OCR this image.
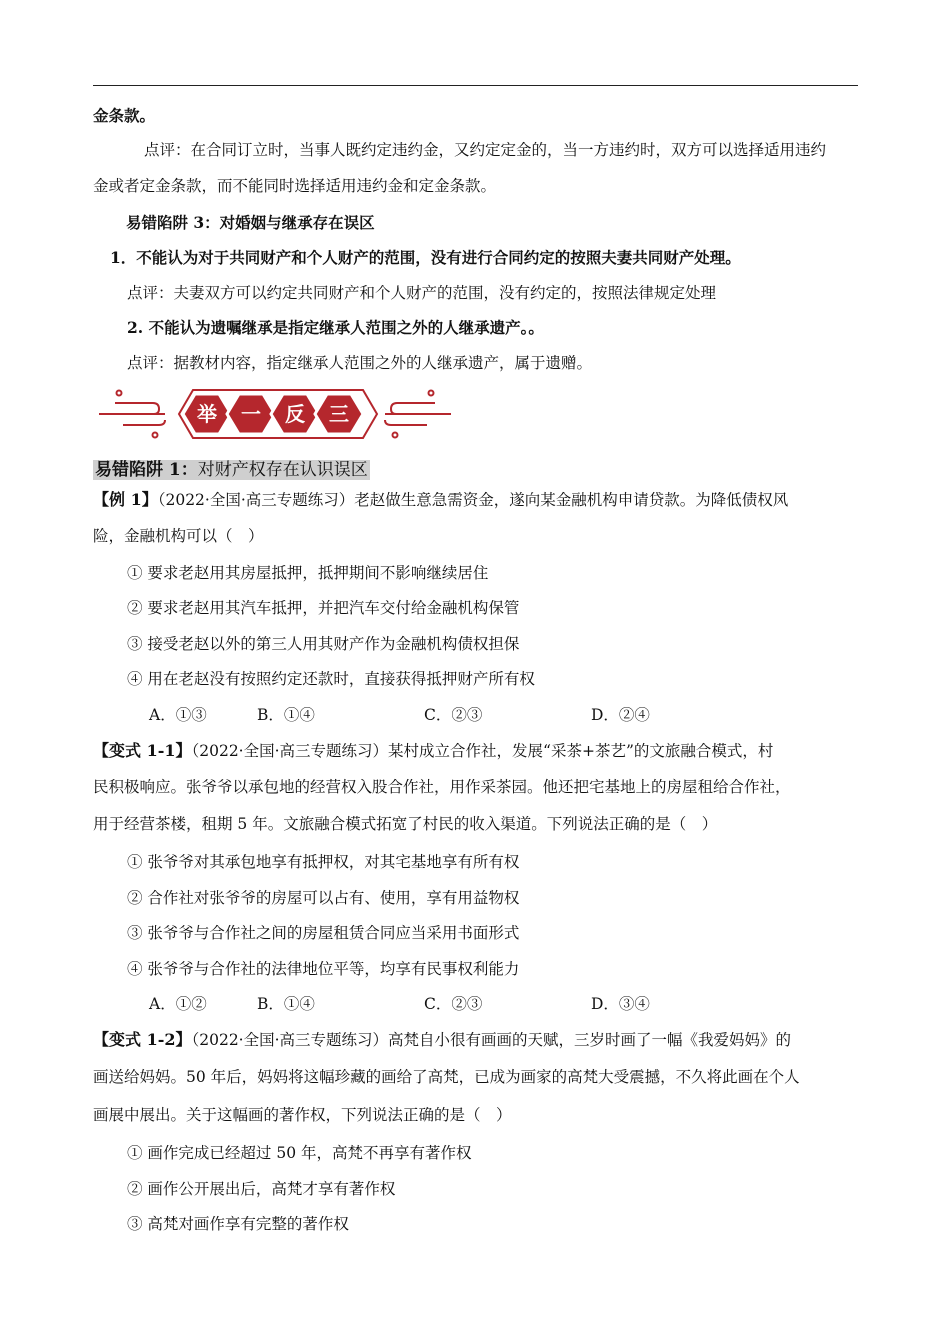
金条款。
点评：在合同订立时，当事人既约定违约金，又约定定金的，当一方违约时，双方可以选择适用违约
金或者定金条款，而不能同时选择适用违约金和定金条款。
易错陷阱 3：对婚姻与继承存在误区
1．不能认为对于共同财产和个人财产的范围，没有进行合同约定的按照夫妻共同财产处理。
点评：夫妻双方可以约定共同财产和个人财产的范围，没有约定的，按照法律规定处理
2. 不能认为遗嘱继承是指定继承人范围之外的人继承遗产。。
点评：据教材内容，指定继承人范围之外的人继承遗产，属于遗赠。
举 一 反 三
易错陷阱 1：对财产权存在认识误区
【例 1】（2022·全国·高三专题练习）老赵做生意急需资金，遂向某金融机构申请贷款。为降低债权风
险，金融机构可以（　）
① 要求老赵用其房屋抵押，抵押期间不影响继续居住
② 要求老赵用其汽车抵押，并把汽车交付给金融机构保管
③ 接受老赵以外的第三人用其财产作为金融机构债权担保
④ 用在老赵没有按照约定还款时，直接获得抵押财产所有权
A．①③	B．①④	C．②③	D．②④
【变式 1-1】（2022·全国·高三专题练习）某村成立合作社，发展“采茶+茶艺”的文旅融合模式，村
民积极响应。张爷爷以承包地的经营权入股合作社，用作采茶园。他还把宅基地上的房屋租给合作社，
用于经营茶楼，租期 5 年。文旅融合模式拓宽了村民的收入渠道。下列说法正确的是（　）
① 张爷爷对其承包地享有抵押权，对其宅基地享有所有权
② 合作社对张爷爷的房屋可以占有、使用，享有用益物权
③ 张爷爷与合作社之间的房屋租赁合同应当采用书面形式
④ 张爷爷与合作社的法律地位平等，均享有民事权利能力
A．①②	B．①④	C．②③	D．③④
【变式 1-2】（2022·全国·高三专题练习）高梵自小很有画画的天赋，三岁时画了一幅《我爱妈妈》的
画送给妈妈。50 年后，妈妈将这幅珍藏的画给了高梵，已成为画家的高梵大受震撼，不久将此画在个人
画展中展出。关于这幅画的著作权，下列说法正确的是（　）
① 画作完成已经超过 50 年，高梵不再享有著作权
② 画作公开展出后，高梵才享有著作权
③ 高梵对画作享有完整的著作权
